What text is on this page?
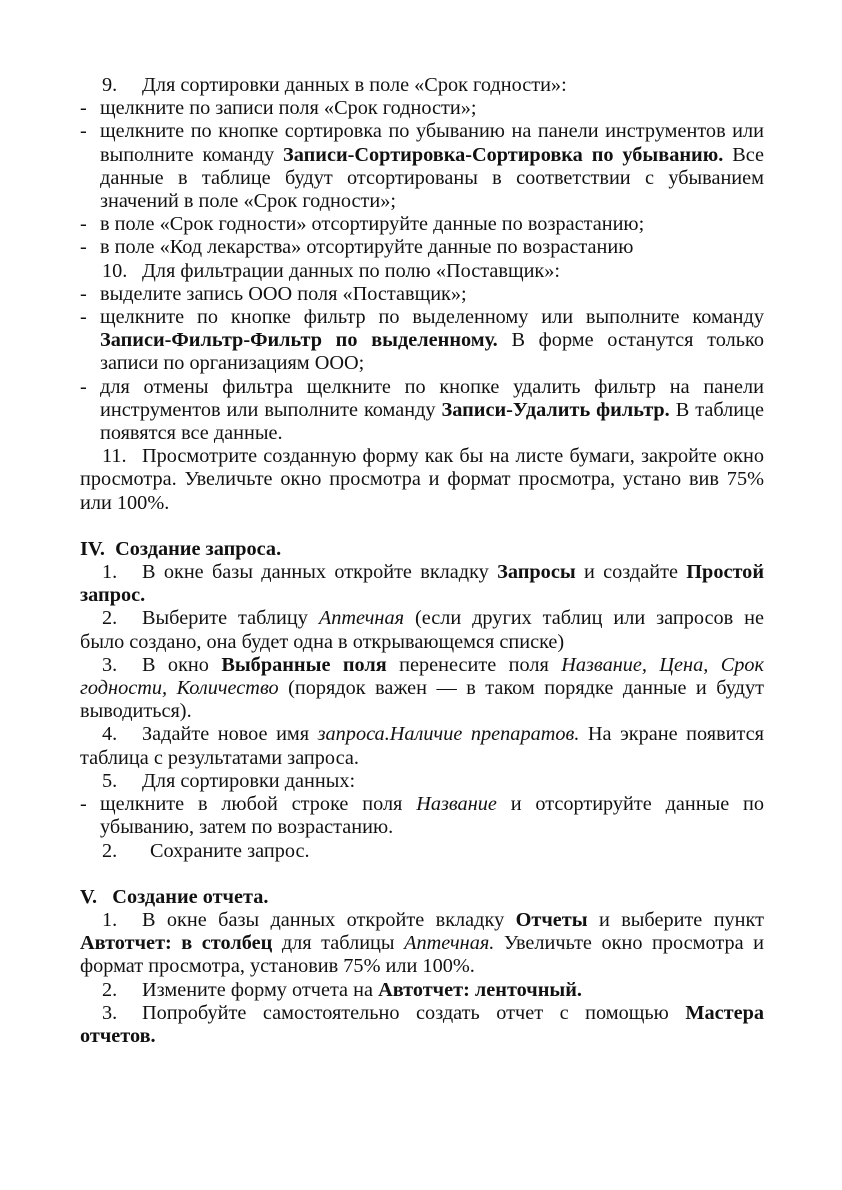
9. Для сортировки данных в поле «Срок годности»:

- щелкните по записи поля «Срок годности»;

- щелкните по кнопке сортировка по убыванию на панели инструментов или выполните команду Записи-Сортировка-Сортировка по убыванию. Все данные в таблице будут отсортированы в соответствии с убыванием значений в поле «Срок годности»;

- в поле «Срок годности» отсортируйте данные по возрастанию;

- в поле «Код лекарства» отсортируйте данные по возрастанию

10. Для фильтрации данных по полю «Поставщик»:

- выделите запись ООО поля «Поставщик»;

- щелкните по кнопке фильтр по выделенному или выполните команду Записи-Фильтр-Фильтр по выделенному. В форме останутся только записи по организациям ООО;

- для отмены фильтра щелкните по кнопке удалить фильтр на панели инструментов или выполните команду Записи-Удалить фильтр. В таблице появятся все данные.

11. Просмотрите созданную форму как бы на листе бумаги, закройте окно просмотра. Увеличьте окно просмотра и формат просмотра, устано вив 75% или 100%.

IV.  Создание запроса.

1. В окне базы данных откройте вкладку Запросы и создайте Простой запрос.

2. Выберите таблицу Аптечная (если других таблиц или запросов не было создано, она будет одна в открывающемся списке)

3. В окно Выбранные поля перенесите поля Название, Цена, Срок годности, Количество (порядок важен — в таком порядке данные и будут выводиться).

4. Задайте новое имя запроса.Наличие препаратов. На экране появится таблица с результатами запроса.

5. Для сортировки данных:

- щелкните в любой строке поля Название и отсортируйте данные по убыванию, затем по возрастанию.

2. Сохраните запрос.

V.   Создание отчета.

1. В окне базы данных откройте вкладку Отчеты и выберите пункт Автотчет: в столбец для таблицы Аптечная. Увеличьте окно просмотра и формат просмотра, установив 75% или 100%.

2. Измените форму отчета на Автотчет: ленточный.

3. Попробуйте самостоятельно создать отчет с помощью Мастера отчетов.
